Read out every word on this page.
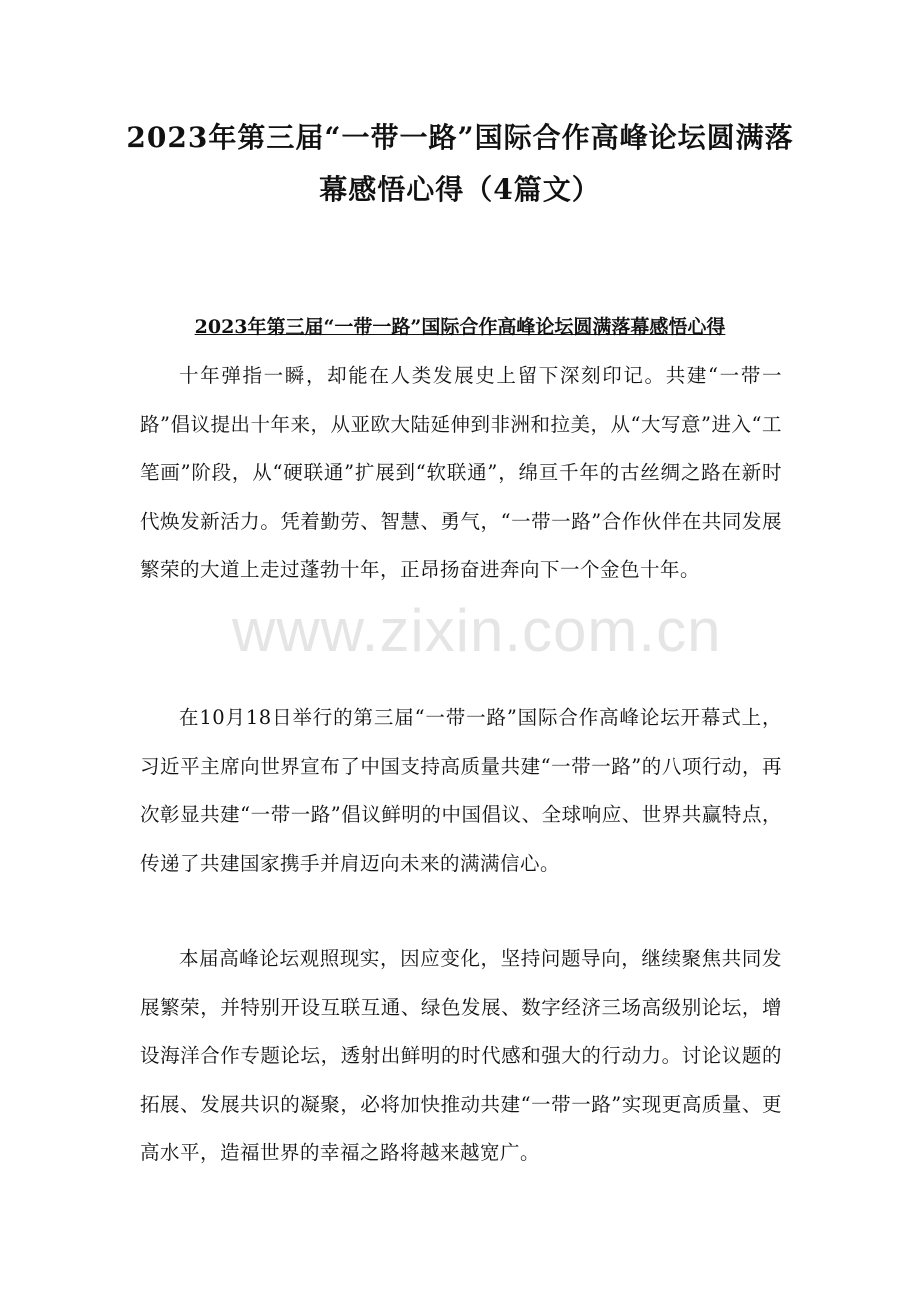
2023年第三届“一带一路”国际合作高峰论坛圆满落
幕感悟心得（4篇文）
2023年第三届“一带一路”国际合作高峰论坛圆满落幕感悟心得

十年弹指一瞬，却能在人类发展史上留下深刻印记。共建“一带一路”倡议提出十年来，从亚欧大陆延伸到非洲和拉美，从“大写意”进入“工笔画”阶段，从“硬联通”扩展到“软联通”，绵亘千年的古丝绸之路在新时代焕发新活力。凭着勤劳、智慧、勇气，“一带一路”合作伙伴在共同发展繁荣的大道上走过蓬勃十年，正昂扬奋进奔向下一个金色十年。

在10月18日举行的第三届“一带一路”国际合作高峰论坛开幕式上，习近平主席向世界宣布了中国支持高质量共建“一带一路”的八项行动，再次彰显共建“一带一路”倡议鲜明的中国倡议、全球响应、世界共赢特点，传递了共建国家携手并肩迈向未来的满满信心。

本届高峰论坛观照现实，因应变化，坚持问题导向，继续聚焦共同发展繁荣，并特别开设互联互通、绿色发展、数字经济三场高级别论坛，增设海洋合作专题论坛，透射出鲜明的时代感和强大的行动力。讨论议题的拓展、发展共识的凝聚，必将加快推动共建“一带一路”实现更高质量、更高水平，造福世界的幸福之路将越来越宽广。

www.zixin.com.cn
